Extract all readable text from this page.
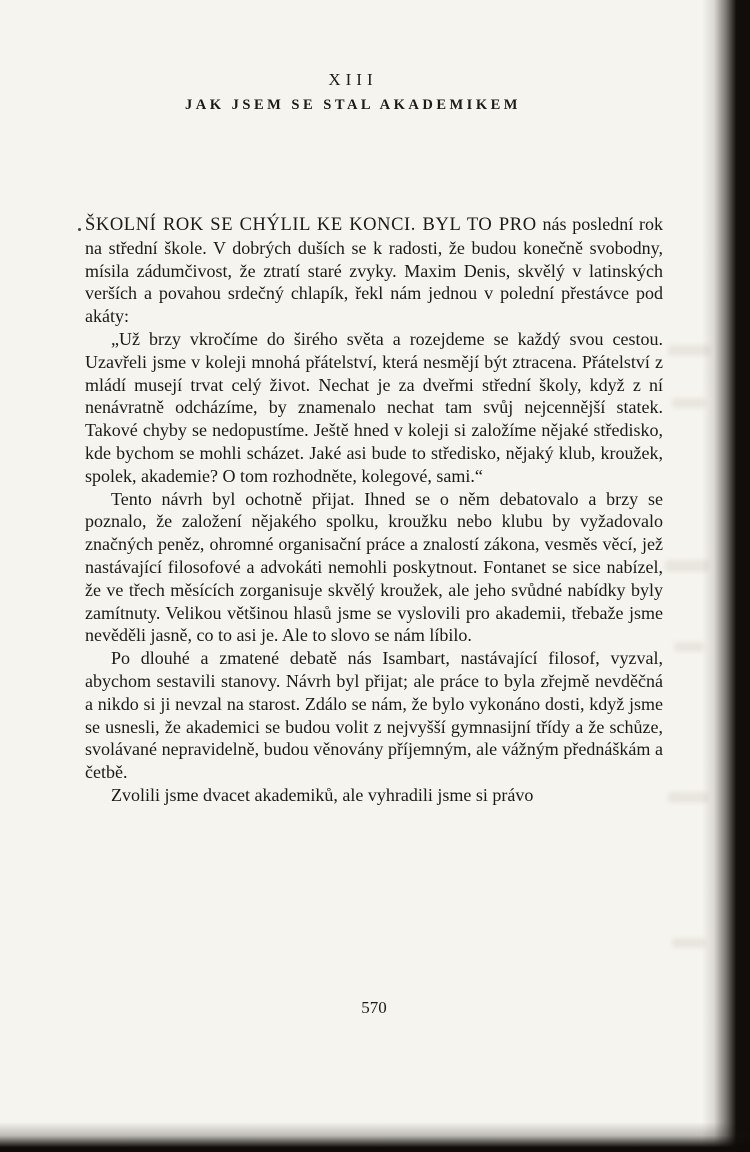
XIII
JAK JSEM SE STAL AKADEMIKEM

ŠKOLNÍ ROK SE CHÝLIL KE KONCI. BYL TO PRO nás poslední rok na střední škole. V dobrých duších se k radosti, že budou konečně svobodny, mísila zádumčivost, že ztratí staré zvyky. Maxim Denis, skvělý v latinských verších a povahou srdečný chlapík, řekl nám jednou v polední přestávce pod akáty:

„Už brzy vkročíme do širého světa a rozejdeme se každý svou cestou. Uzavřeli jsme v koleji mnohá přátelství, která nesmějí být ztracena. Přátelství z mládí musejí trvat celý život. Nechat je za dveřmi střední školy, když z ní nenávratně odcházíme, by znamenalo nechat tam svůj nejcennější statek. Takové chyby se nedopustíme. Ještě hned v koleji si založíme nějaké středisko, kde bychom se mohli scházet. Jaké asi bude to středisko, nějaký klub, kroužek, spolek, akademie? O tom rozhodněte, kolegové, sami.“

Tento návrh byl ochotně přijat. Ihned se o něm debatovalo a brzy se poznalo, že založení nějakého spolku, kroužku nebo klubu by vyžadovalo značných peněz, ohromné organisační práce a znalostí zákona, vesměs věcí, jež nastávající filosofové a advokáti nemohli poskytnout. Fontanet se sice nabízel, že ve třech měsících zorganisuje skvělý kroužek, ale jeho svůdné nabídky byly zamítnuty. Velikou většinou hlasů jsme se vyslovili pro akademii, třebaže jsme nevěděli jasně, co to asi je. Ale to slovo se nám líbilo.

Po dlouhé a zmatené debatě nás Isambart, nastávající filosof, vyzval, abychom sestavili stanovy. Návrh byl přijat; ale práce to byla zřejmě nevděčná a nikdo si ji nevzal na starost. Zdálo se nám, že bylo vykonáno dosti, když jsme se usnesli, že akademici se budou volit z nejvyšší gymnasijní třídy a že schůze, svolávané nepravidelně, budou věnovány příjemným, ale vážným přednáškám a četbě.

Zvolili jsme dvacet akademiků, ale vyhradili jsme si právo

570
